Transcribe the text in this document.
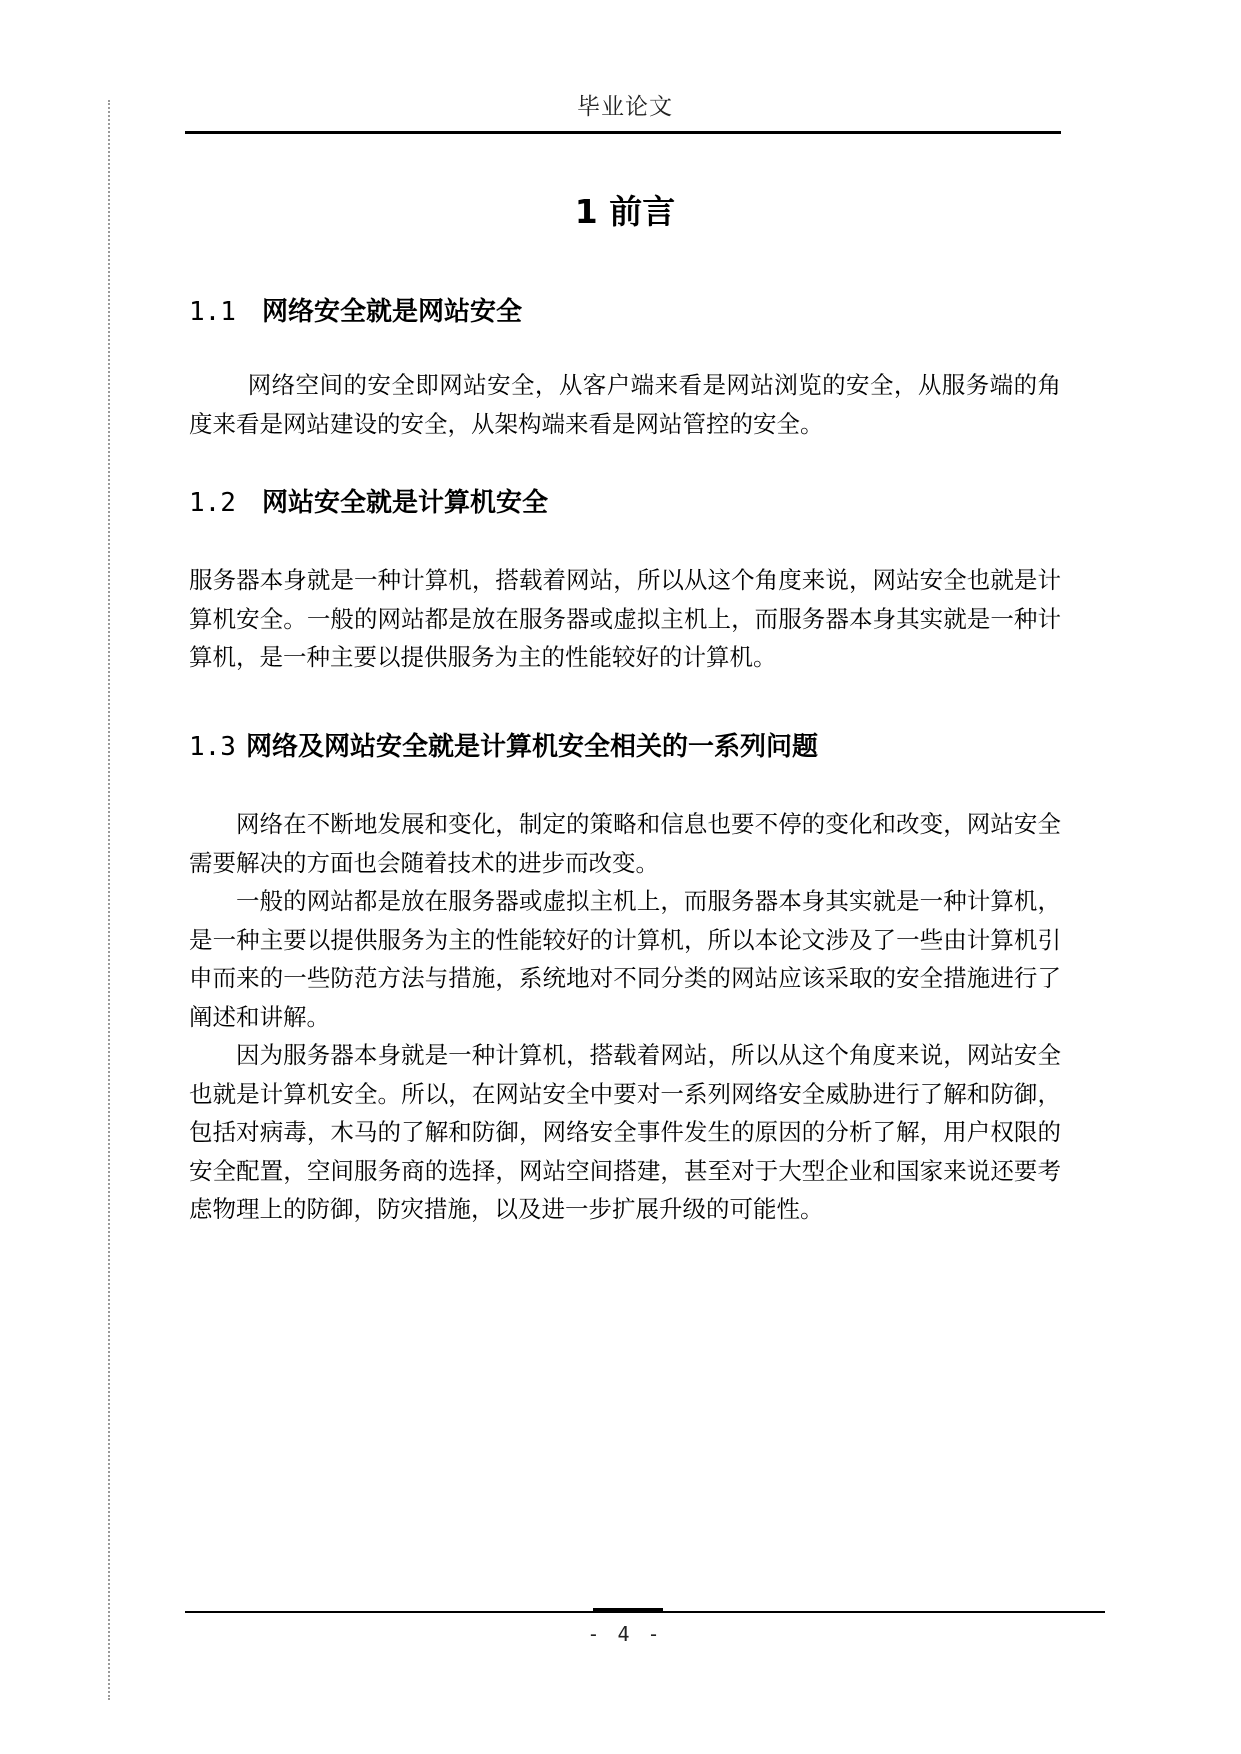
毕业论文
1 前言
1.1 网络安全就是网站安全

网络空间的安全即网站安全，从客户端来看是网站浏览的安全，从服务端的角度来看是网站建设的安全，从架构端来看是网站管控的安全。

1.2 网站安全就是计算机安全

服务器本身就是一种计算机，搭载着网站，所以从这个角度来说，网站安全也就是计算机安全。一般的网站都是放在服务器或虚拟主机上，而服务器本身其实就是一种计算机，是一种主要以提供服务为主的性能较好的计算机。

1.3 网络及网站安全就是计算机安全相关的一系列问题

网络在不断地发展和变化，制定的策略和信息也要不停的变化和改变，网站安全需要解决的方面也会随着技术的进步而改变。

一般的网站都是放在服务器或虚拟主机上，而服务器本身其实就是一种计算机，是一种主要以提供服务为主的性能较好的计算机，所以本论文涉及了一些由计算机引申而来的一些防范方法与措施，系统地对不同分类的网站应该采取的安全措施进行了阐述和讲解。

因为服务器本身就是一种计算机，搭载着网站，所以从这个角度来说，网站安全也就是计算机安全。所以，在网站安全中要对一系列网络安全威胁进行了解和防御，包括对病毒，木马的了解和防御，网络安全事件发生的原因的分析了解，用户权限的安全配置，空间服务商的选择，网站空间搭建，甚至对于大型企业和国家来说还要考虑物理上的防御，防灾措施，以及进一步扩展升级的可能性。

- 4 -
